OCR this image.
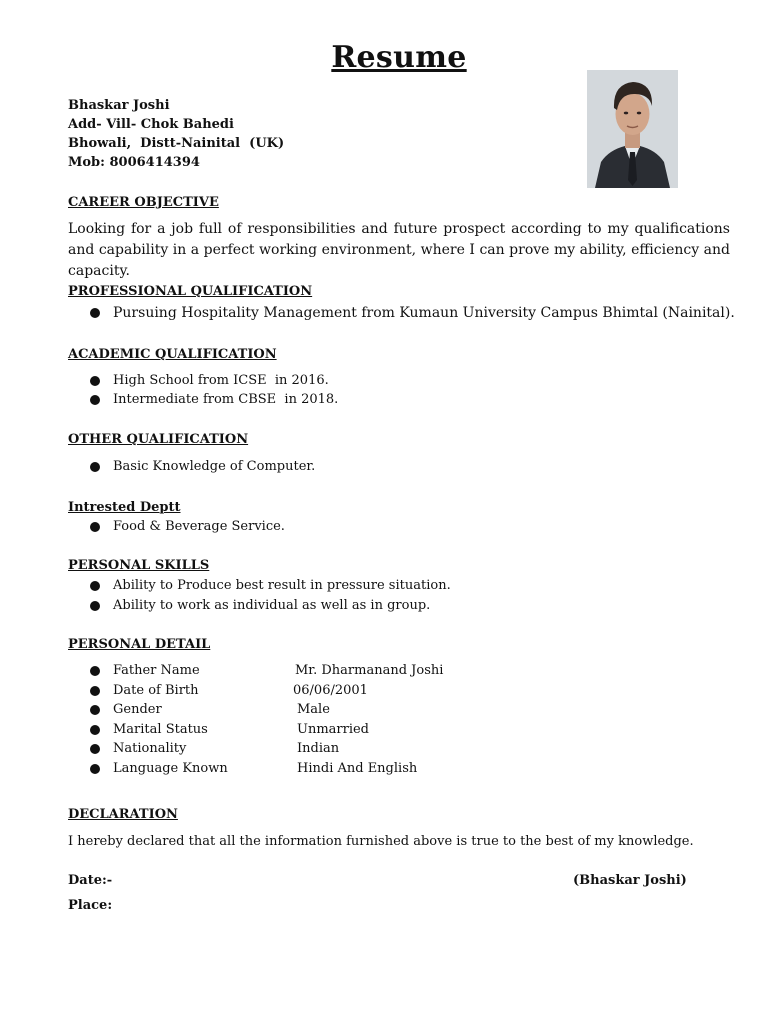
Resume
Bhaskar Joshi
Add- Vill- Chok Bahedi
Bhowali,  Distt-Nainital  (UK)
Mob: 8006414394
CAREER OBJECTIVE
Looking for a job full of responsibilities and future prospect according to my qualifications and capability in a perfect working environment, where I can prove my ability, efficiency and capacity.
PROFESSIONAL QUALIFICATION
Pursuing Hospitality Management from Kumaun University Campus Bhimtal (Nainital).
ACADEMIC QUALIFICATION
High School from ICSE  in 2016.
Intermediate from CBSE  in 2018.
OTHER QUALIFICATION
Basic Knowledge of Computer.
Intrested Deptt
Food & Beverage Service.
PERSONAL SKILLS
Ability to Produce best result in pressure situation.
Ability to work as individual as well as in group.
PERSONAL DETAIL
Father Name	Mr. Dharmanand Joshi
Date of Birth	06/06/2001
Gender	Male
Marital Status	Unmarried
Nationality	Indian
Language Known	Hindi And English
DECLARATION
I hereby declared that all the information furnished above is true to the best of my knowledge.
Date:-
Place:
(Bhaskar Joshi)
